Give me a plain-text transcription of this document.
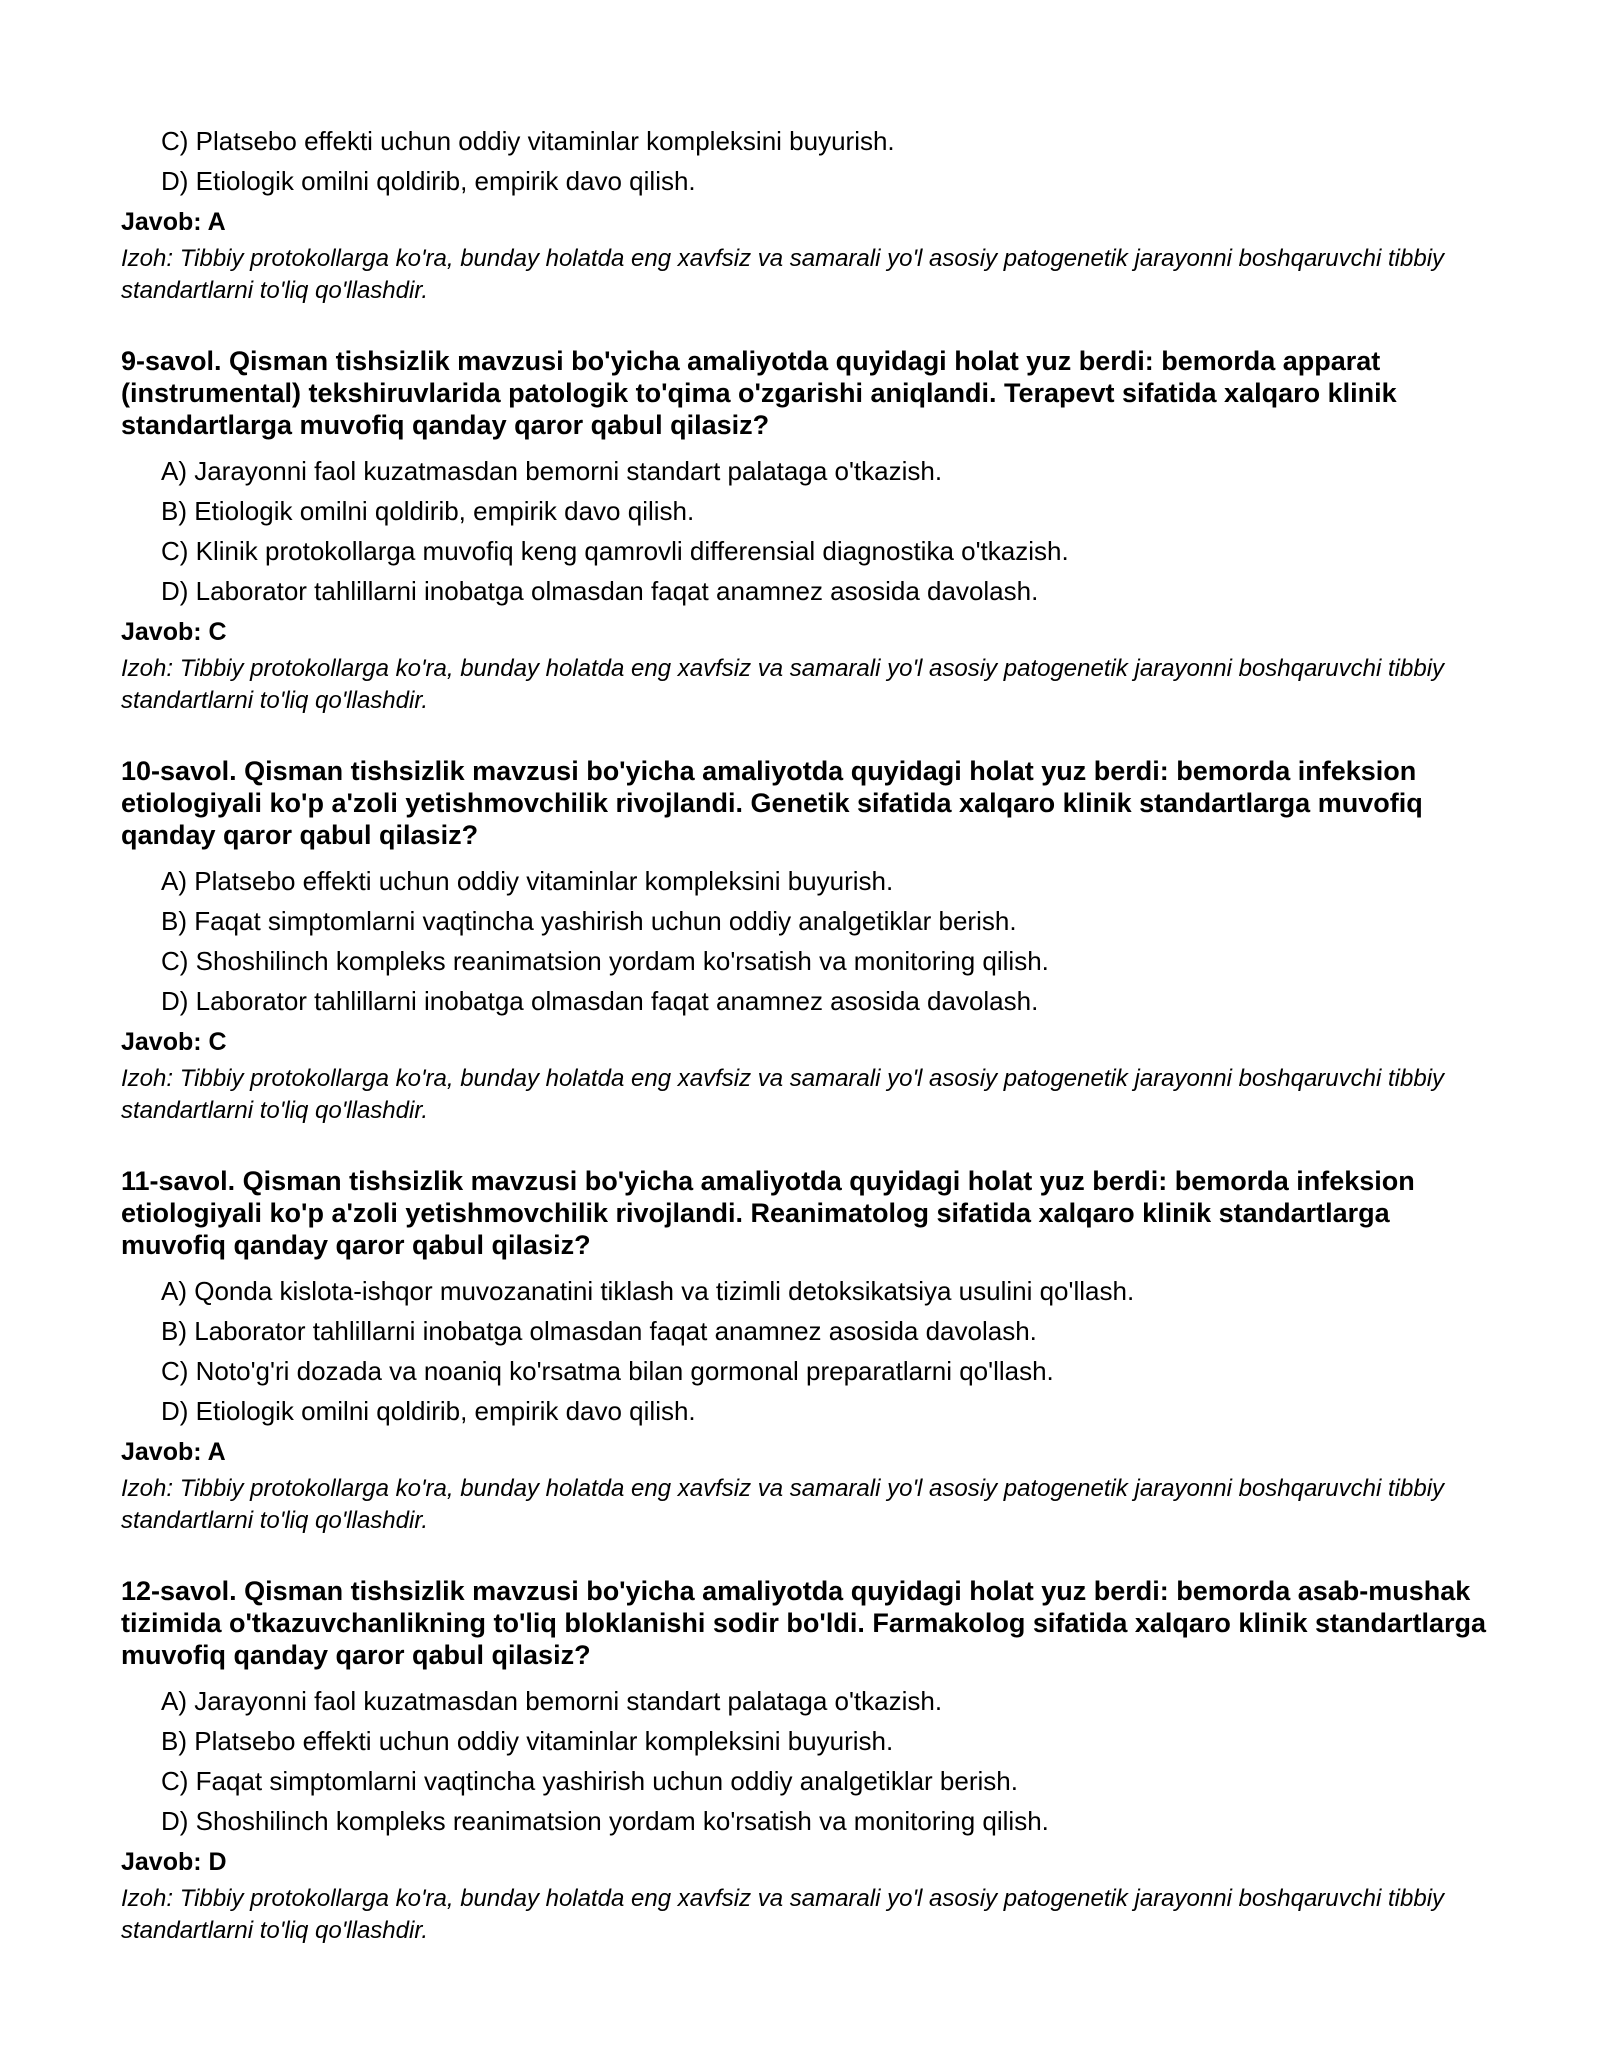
C) Platsebo effekti uchun oddiy vitaminlar kompleksini buyurish.
D) Etiologik omilni qoldirib, empirik davo qilish.
Javob: A
Izoh: Tibbiy protokollarga ko'ra, bunday holatda eng xavfsiz va samarali yo'l asosiy patogenetik jarayonni boshqaruvchi tibbiy standartlarni to'liq qo'llashdir.
9-savol. Qisman tishsizlik mavzusi bo'yicha amaliyotda quyidagi holat yuz berdi: bemorda apparat (instrumental) tekshiruvlarida patologik to'qima o'zgarishi aniqlandi. Terapevt sifatida xalqaro klinik standartlarga muvofiq qanday qaror qabul qilasiz?
A) Jarayonni faol kuzatmasdan bemorni standart palataga o'tkazish.
B) Etiologik omilni qoldirib, empirik davo qilish.
C) Klinik protokollarga muvofiq keng qamrovli differensial diagnostika o'tkazish.
D) Laborator tahlillarni inobatga olmasdan faqat anamnez asosida davolash.
Javob: C
Izoh: Tibbiy protokollarga ko'ra, bunday holatda eng xavfsiz va samarali yo'l asosiy patogenetik jarayonni boshqaruvchi tibbiy standartlarni to'liq qo'llashdir.
10-savol. Qisman tishsizlik mavzusi bo'yicha amaliyotda quyidagi holat yuz berdi: bemorda infeksion etiologiyali ko'p a'zoli yetishmovchilik rivojlandi. Genetik sifatida xalqaro klinik standartlarga muvofiq qanday qaror qabul qilasiz?
A) Platsebo effekti uchun oddiy vitaminlar kompleksini buyurish.
B) Faqat simptomlarni vaqtincha yashirish uchun oddiy analgetiklar berish.
C) Shoshilinch kompleks reanimatsion yordam ko'rsatish va monitoring qilish.
D) Laborator tahlillarni inobatga olmasdan faqat anamnez asosida davolash.
Javob: C
Izoh: Tibbiy protokollarga ko'ra, bunday holatda eng xavfsiz va samarali yo'l asosiy patogenetik jarayonni boshqaruvchi tibbiy standartlarni to'liq qo'llashdir.
11-savol. Qisman tishsizlik mavzusi bo'yicha amaliyotda quyidagi holat yuz berdi: bemorda infeksion etiologiyali ko'p a'zoli yetishmovchilik rivojlandi. Reanimatolog sifatida xalqaro klinik standartlarga muvofiq qanday qaror qabul qilasiz?
A) Qonda kislota-ishqor muvozanatini tiklash va tizimli detoksikatsiya usulini qo'llash.
B) Laborator tahlillarni inobatga olmasdan faqat anamnez asosida davolash.
C) Noto'g'ri dozada va noaniq ko'rsatma bilan gormonal preparatlarni qo'llash.
D) Etiologik omilni qoldirib, empirik davo qilish.
Javob: A
Izoh: Tibbiy protokollarga ko'ra, bunday holatda eng xavfsiz va samarali yo'l asosiy patogenetik jarayonni boshqaruvchi tibbiy standartlarni to'liq qo'llashdir.
12-savol. Qisman tishsizlik mavzusi bo'yicha amaliyotda quyidagi holat yuz berdi: bemorda asab-mushak tizimida o'tkazuvchanlikning to'liq bloklanishi sodir bo'ldi. Farmakolog sifatida xalqaro klinik standartlarga muvofiq qanday qaror qabul qilasiz?
A) Jarayonni faol kuzatmasdan bemorni standart palataga o'tkazish.
B) Platsebo effekti uchun oddiy vitaminlar kompleksini buyurish.
C) Faqat simptomlarni vaqtincha yashirish uchun oddiy analgetiklar berish.
D) Shoshilinch kompleks reanimatsion yordam ko'rsatish va monitoring qilish.
Javob: D
Izoh: Tibbiy protokollarga ko'ra, bunday holatda eng xavfsiz va samarali yo'l asosiy patogenetik jarayonni boshqaruvchi tibbiy standartlarni to'liq qo'llashdir.
